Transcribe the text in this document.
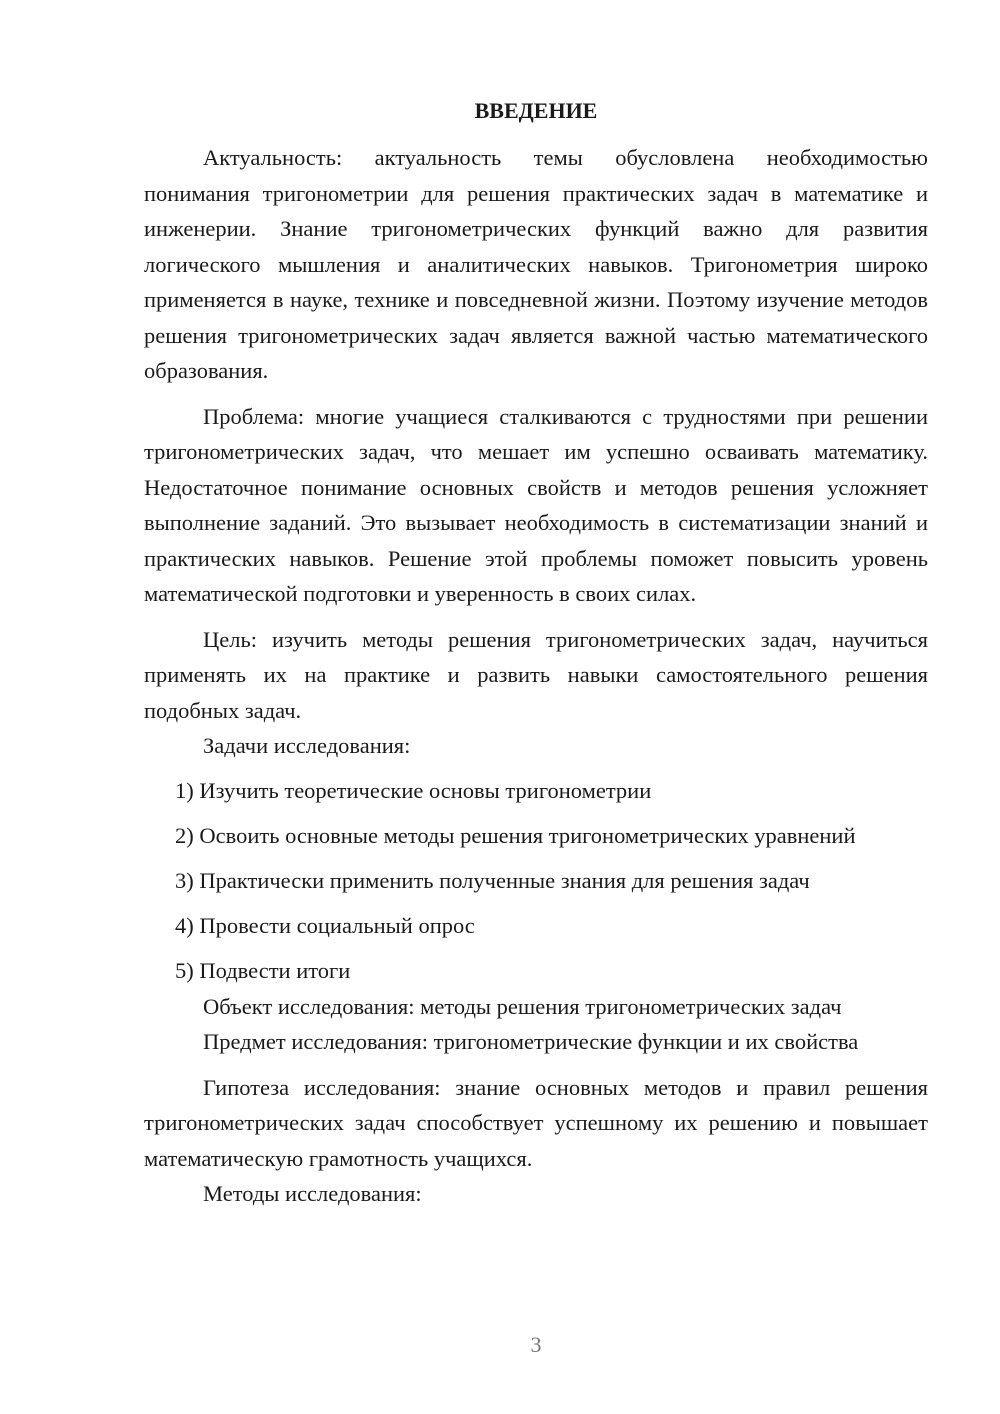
ВВЕДЕНИЕ

Актуальность: актуальность темы обусловлена необходимостью понимания тригонометрии для решения практических задач в математике и инженерии. Знание тригонометрических функций важно для развития логического мышления и аналитических навыков. Тригонометрия широко применяется в науке, технике и повседневной жизни. Поэтому изучение методов решения тригонометрических задач является важной частью математического образования.

Проблема: многие учащиеся сталкиваются с трудностями при решении тригонометрических задач, что мешает им успешно осваивать математику. Недостаточное понимание основных свойств и методов решения усложняет выполнение заданий. Это вызывает необходимость в систематизации знаний и практических навыков. Решение этой проблемы поможет повысить уровень математической подготовки и уверенность в своих силах.

Цель: изучить методы решения тригонометрических задач, научиться применять их на практике и развить навыки самостоятельного решения подобных задач.

Задачи исследования:
1) Изучить теоретические основы тригонометрии
2) Освоить основные методы решения тригонометрических уравнений
3) Практически применить полученные знания для решения задач
4) Провести социальный опрос
5) Подвести итоги
Объект исследования: методы решения тригонометрических задач
Предмет исследования: тригонометрические функции и их свойства

Гипотеза исследования: знание основных методов и правил решения тригонометрических задач способствует успешному их решению и повышает математическую грамотность учащихся.

Методы исследования:
3
